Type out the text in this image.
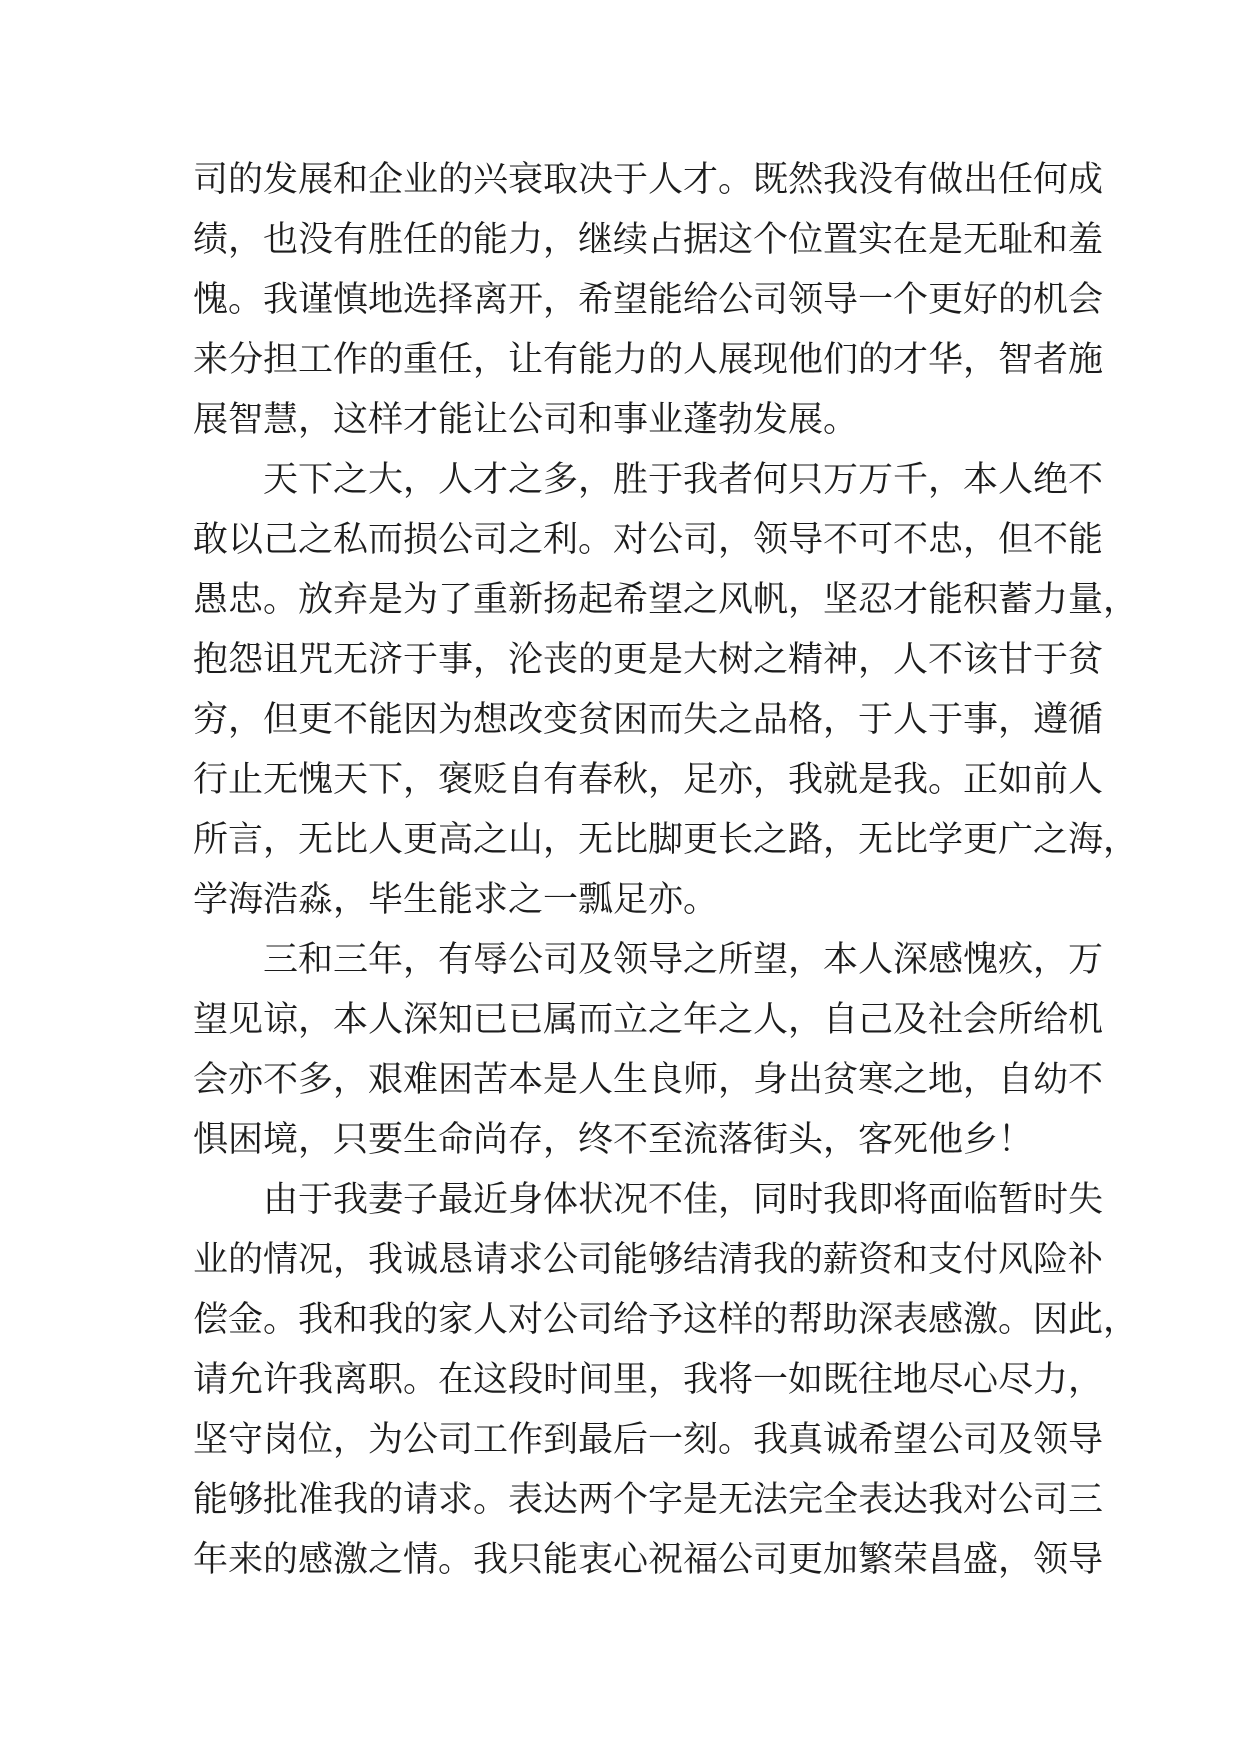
司的发展和企业的兴衰取决于人才。既然我没有做出任何成
绩，也没有胜任的能力，继续占据这个位置实在是无耻和羞
愧。我谨慎地选择离开，希望能给公司领导一个更好的机会
来分担工作的重任，让有能力的人展现他们的才华，智者施
展智慧，这样才能让公司和事业蓬勃发展。
天下之大，人才之多，胜于我者何只万万千，本人绝不
敢以己之私而损公司之利。对公司，领导不可不忠，但不能
愚忠。放弃是为了重新扬起希望之风帆，坚忍才能积蓄力量，
抱怨诅咒无济于事，沦丧的更是大树之精神，人不该甘于贫
穷，但更不能因为想改变贫困而失之品格，于人于事，遵循
行止无愧天下，褒贬自有春秋，足亦，我就是我。正如前人
所言，无比人更高之山，无比脚更长之路，无比学更广之海，
学海浩淼，毕生能求之一瓢足亦。
三和三年，有辱公司及领导之所望，本人深感愧疚，万
望见谅，本人深知已已属而立之年之人，自己及社会所给机
会亦不多，艰难困苦本是人生良师，身出贫寒之地，自幼不
惧困境，只要生命尚存，终不至流落街头，客死他乡！
由于我妻子最近身体状况不佳，同时我即将面临暂时失
业的情况，我诚恳请求公司能够结清我的薪资和支付风险补
偿金。我和我的家人对公司给予这样的帮助深表感激。因此，
请允许我离职。在这段时间里，我将一如既往地尽心尽力，
坚守岗位，为公司工作到最后一刻。我真诚希望公司及领导
能够批准我的请求。表达两个字是无法完全表达我对公司三
年来的感激之情。我只能衷心祝福公司更加繁荣昌盛，领导
